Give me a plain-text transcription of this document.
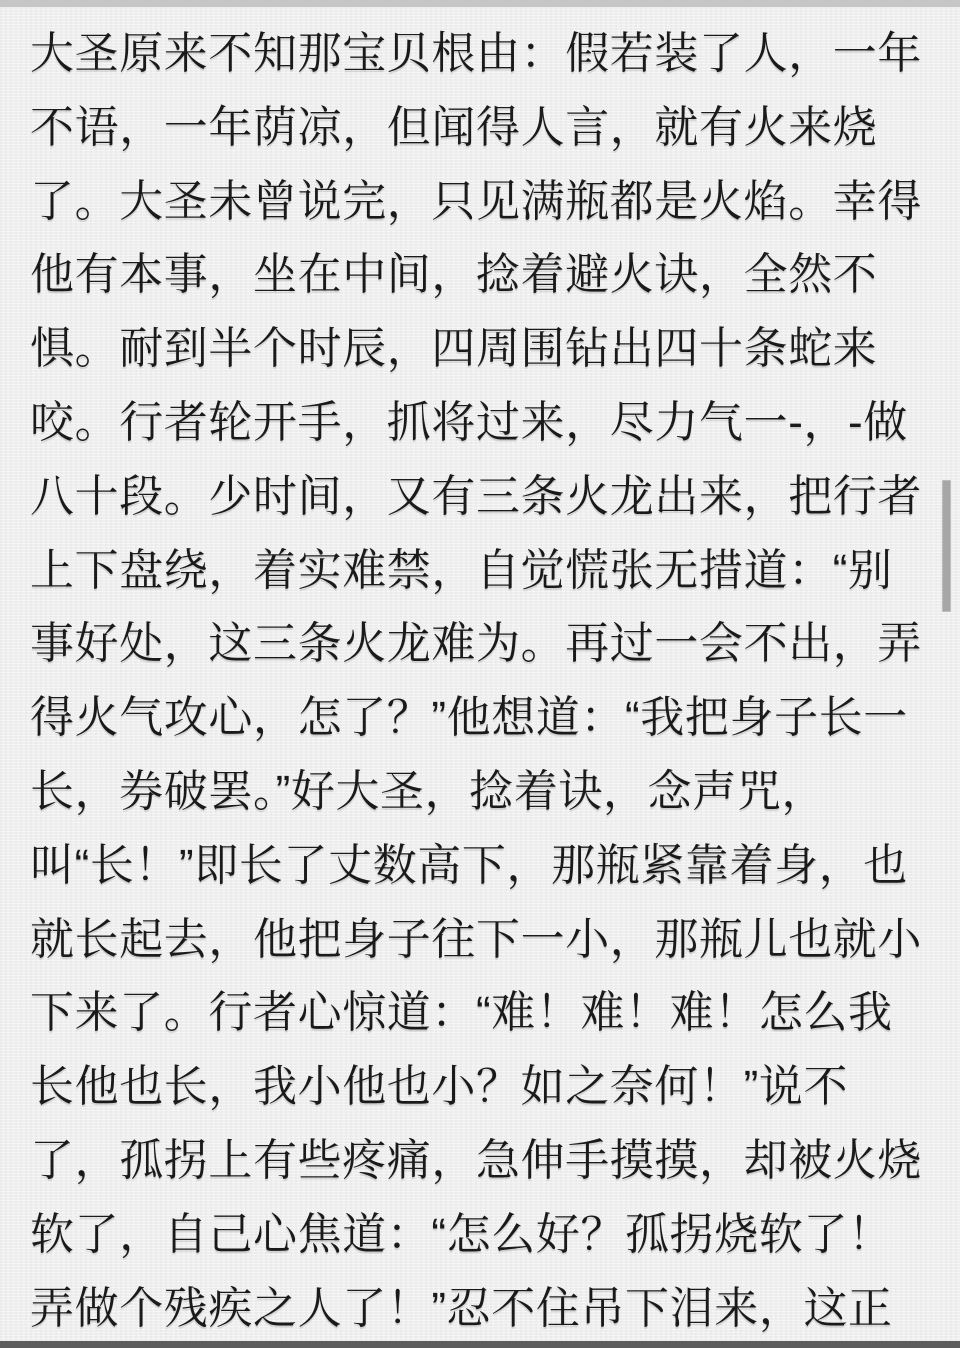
大圣原来不知那宝贝根由：假若装了人，一年

不语，一年荫凉，但闻得人言，就有火来烧

了。大圣未曾说完，只见满瓶都是火焰。幸得

他有本事，坐在中间，捻着避火诀，全然不

惧。耐到半个时辰，四周围钻出四十条蛇来

咬。行者轮开手，抓将过来，尽力气一-，-做

八十段。少时间，又有三条火龙出来，把行者

上下盘绕，着实难禁，自觉慌张无措道：“别

事好处，这三条火龙难为。再过一会不出，弄

得火气攻心，怎了？”他想道：“我把身子长一

长，券破罢。”好大圣，捻着诀，念声咒，

叫“长！”即长了丈数高下，那瓶紧靠着身，也

就长起去，他把身子往下一小，那瓶儿也就小

下来了。行者心惊道：“难！难！难！怎么我

长他也长，我小他也小？如之奈何！”说不

了，孤拐上有些疼痛，急伸手摸摸，却被火烧

软了，自己心焦道：“怎么好？孤拐烧软了！

弄做个残疾之人了！”忍不住吊下泪来，这正
